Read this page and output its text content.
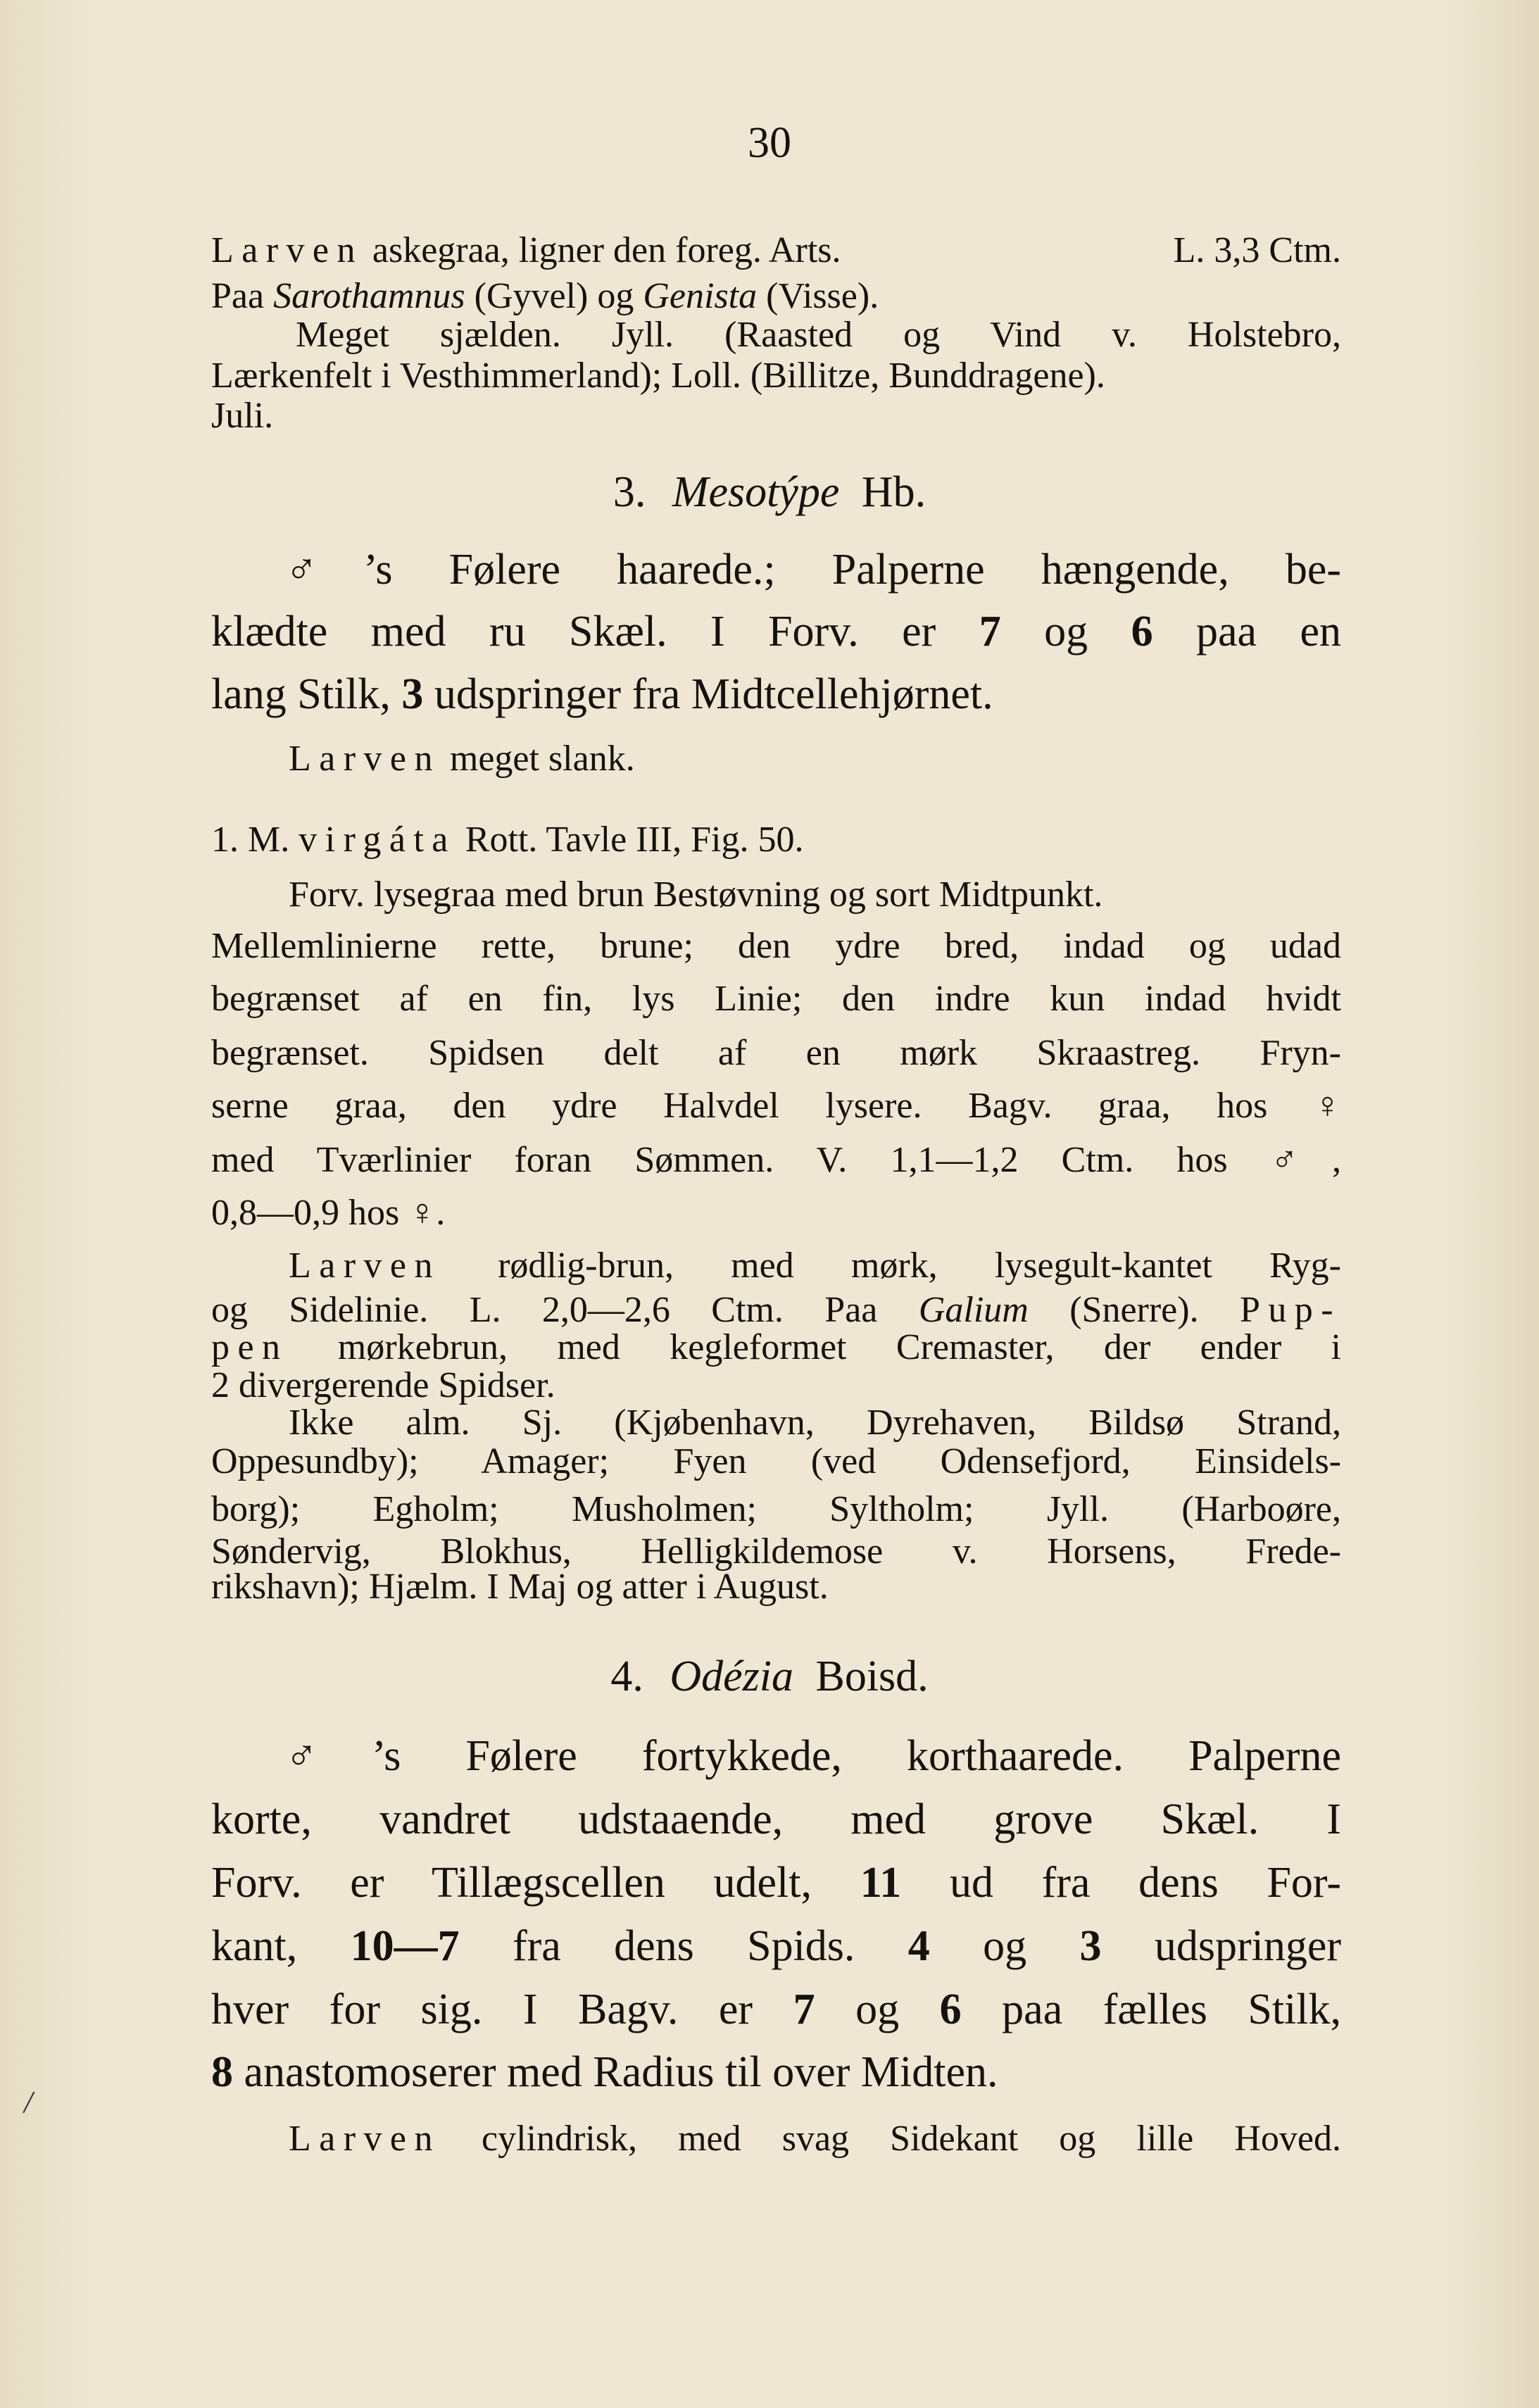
30
Larven askegraa, ligner den foreg. Arts.	L. 3,3 Ctm.
Paa Sarothamnus (Gyvel) og Genista (Visse).
Meget sjælden. Jyll. (Raasted og Vind v. Holstebro,
Lærkenfelt i Vesthimmerland); Loll. (Billitze, Bunddragene).
Juli.
3. Mesotýpe Hb.
♂’s Følere haarede.; Palperne hængende, be-
klædte med ru Skæl. I Forv. er 7 og 6 paa en
lang Stilk, 3 udspringer fra Midtcellehjørnet.
Larven meget slank.
1. M. virgáta Rott. Tavle III, Fig. 50.
Forv. lysegraa med brun Bestøvning og sort Midtpunkt.
Mellemlinierne rette, brune; den ydre bred, indad og udad
begrænset af en fin, lys Linie; den indre kun indad hvidt
begrænset. Spidsen delt af en mørk Skraastreg. Fryn-
serne graa, den ydre Halvdel lysere. Bagv. graa, hos ♀
med Tværlinier foran Sømmen. V. 1,1—1,2 Ctm. hos ♂,
0,8—0,9 hos ♀.
Larven rødlig-brun, med mørk, lysegult-kantet Ryg-
og Sidelinie. L. 2,0—2,6 Ctm. Paa Galium (Snerre). Pup-
pen mørkebrun, med kegleformet Cremaster, der ender i
2 divergerende Spidser.
Ikke alm. Sj. (Kjøbenhavn, Dyrehaven, Bildsø Strand,
Oppesundby); Amager; Fyen (ved Odensefjord, Einsidels-
borg); Egholm; Musholmen; Syltholm; Jyll. (Harboøre,
Søndervig, Blokhus, Helligkildemose v. Horsens, Frede-
rikshavn); Hjælm. I Maj og atter i August.
4. Odézia Boisd.
♂’s Følere fortykkede, korthaarede. Palperne
korte, vandret udstaaende, med grove Skæl. I
Forv. er Tillægscellen udelt, 11 ud fra dens For-
kant, 10—7 fra dens Spids. 4 og 3 udspringer
hver for sig. I Bagv. er 7 og 6 paa fælles Stilk,
8 anastomoserer med Radius til over Midten.
Larven cylindrisk, med svag Sidekant og lille Hoved.
/
